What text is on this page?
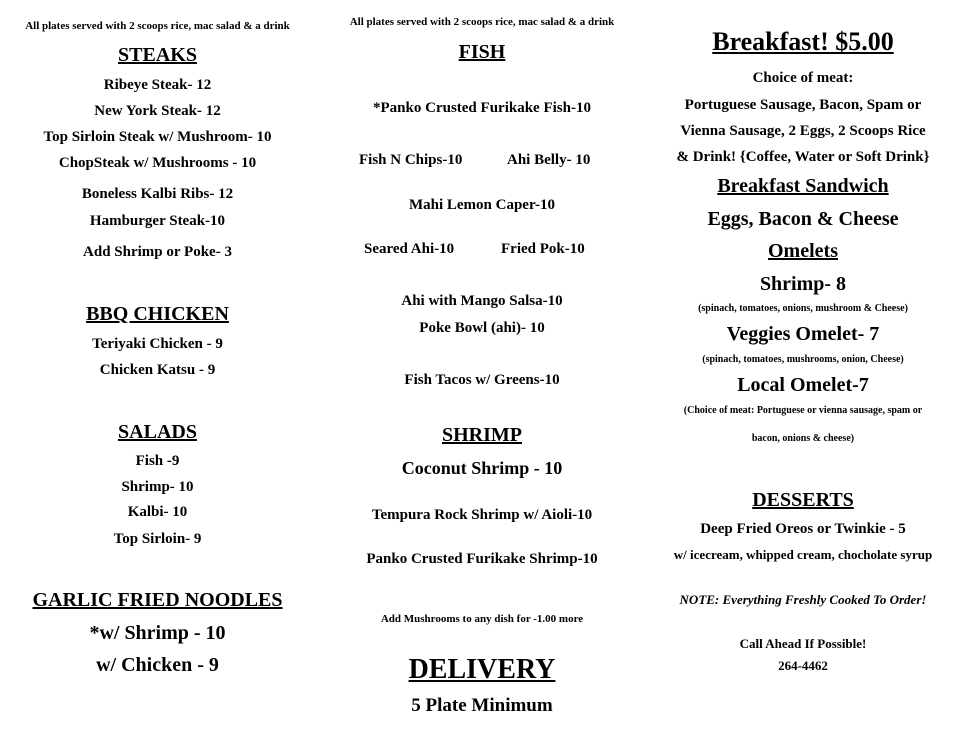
All plates served with 2 scoops rice, mac salad & a drink
STEAKS
Ribeye Steak- 12
New York Steak- 12
Top Sirloin Steak w/ Mushroom- 10
ChopSteak w/ Mushrooms - 10
Boneless Kalbi Ribs- 12
Hamburger Steak-10
Add Shrimp or Poke- 3
BBQ CHICKEN
Teriyaki Chicken - 9
Chicken Katsu - 9
SALADS
Fish -9
Shrimp- 10
Kalbi- 10
Top Sirloin- 9
GARLIC FRIED NOODLES
*w/ Shrimp - 10
w/ Chicken - 9
All plates served with 2 scoops rice, mac salad & a drink
FISH
*Panko Crusted Furikake Fish-10
Fish N Chips-10	Ahi Belly- 10
Mahi Lemon Caper-10
Seared Ahi-10	Fried Pok-10
Ahi with Mango Salsa-10
Poke Bowl (ahi)- 10
Fish Tacos w/ Greens-10
SHRIMP
Coconut Shrimp - 10
Tempura Rock Shrimp w/ Aioli-10
Panko Crusted Furikake Shrimp-10
Add Mushrooms to any dish for -1.00 more
DELIVERY
5 Plate Minimum
Breakfast! $5.00
Choice of meat:
Portuguese Sausage, Bacon, Spam or
Vienna Sausage, 2 Eggs, 2 Scoops Rice
& Drink! {Coffee, Water or Soft Drink}
Breakfast Sandwich
Eggs, Bacon & Cheese
Omelets
Shrimp- 8
(spinach, tomatoes, onions, mushroom & Cheese)
Veggies Omelet- 7
(spinach, tomatoes, mushrooms, onion, Cheese)
Local Omelet-7
(Choice of meat: Portuguese or vienna sausage, spam or
bacon, onions & cheese)
DESSERTS
Deep Fried Oreos or Twinkie - 5
w/ icecream, whipped cream, chocholate syrup
NOTE: Everything Freshly Cooked To Order!
Call Ahead If Possible!
264-4462
